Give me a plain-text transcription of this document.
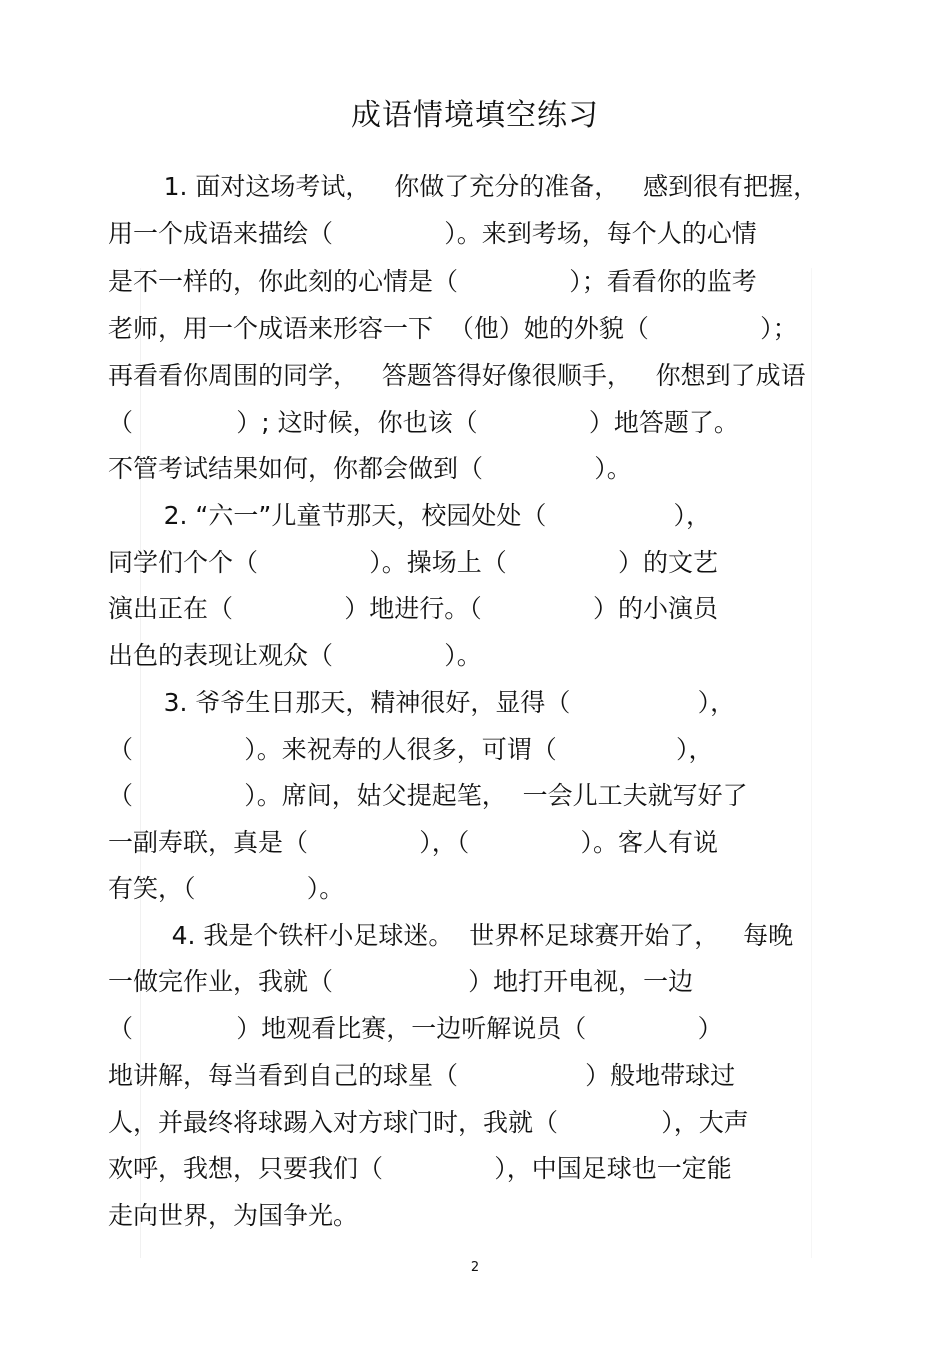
成语情境填空练习
1. 面对这场考试，   你做了充分的准备，   感到很有把握，
用一个成语来描绘（              ）。来到考场，每个人的心情
是不一样的，你此刻的心情是（              ）；看看你的监考
老师，用一个成语来形容一下  （他）她的外貌（              ）；
再看看你周围的同学，   答题答得好像很顺手，   你想到了成语
（             ）; 这时候，你也该（              ）地答题了。
不管考试结果如何，你都会做到（              ）。
2. “六一”儿童节那天，校园处处（                ），
同学们个个（              ）。操场上（              ）的文艺
演出正在（              ）地进行。（              ）的小演员
出色的表现让观众（              ）。
3. 爷爷生日那天，精神很好，显得（                ），
（              ）。来祝寿的人很多，可谓（               ），
（              ）。席间，姑父提起笔，  一会儿工夫就写好了
一副寿联，真是（              ），（              ）。客人有说
有笑，（              ）。
4. 我是个铁杆小足球迷。  世界杯足球赛开始了，   每晚
一做完作业，我就（                 ）地打开电视，一边
（             ）地观看比赛，一边听解说员（              ）
地讲解，每当看到自己的球星（                ）般地带球过
人，并最终将球踢入对方球门时，我就（             ），大声
欢呼，我想，只要我们（              ），中国足球也一定能
走向世界，为国争光。
2
